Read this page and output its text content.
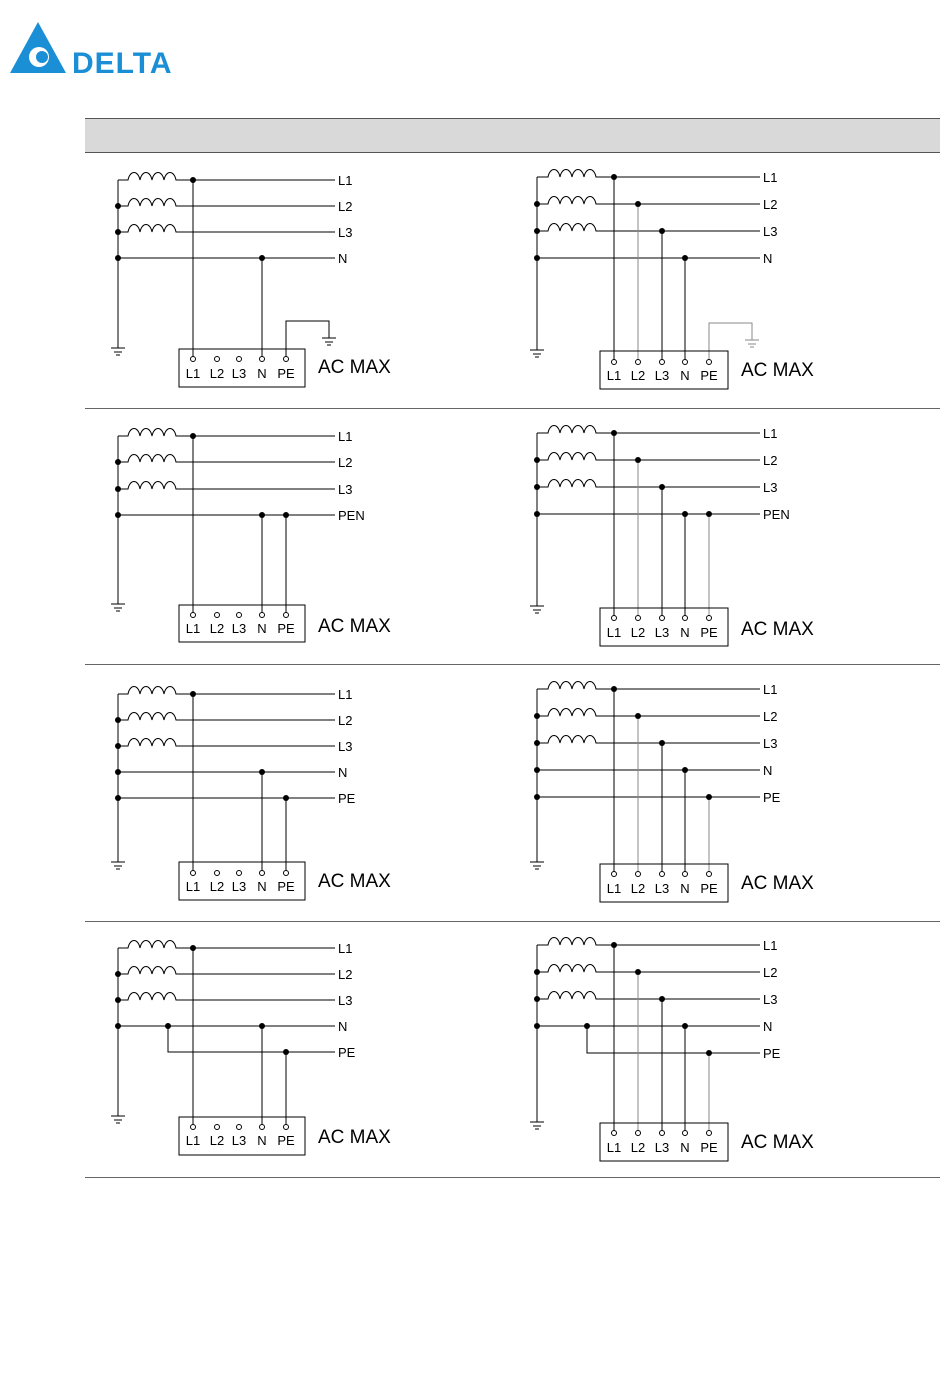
DELTA
L1
L2
L3
N
L1 L2 L3 N PE AC MAX
L1
L2
L3
N
L1 L2 L3 N PE AC MAX
L1
L2
L3
PEN
L1 L2 L3 N PE AC MAX
L1
L2
L3
PEN
L1 L2 L3 N PE AC MAX
L1
L2
L3
N
PE
L1 L2 L3 N PE AC MAX
L1
L2
L3
N
PE
L1 L2 L3 N PE AC MAX
L1
L2
L3
N
PE
L1 L2 L3 N PE AC MAX
L1
L2
L3
N
PE
L1 L2 L3 N PE AC MAX
